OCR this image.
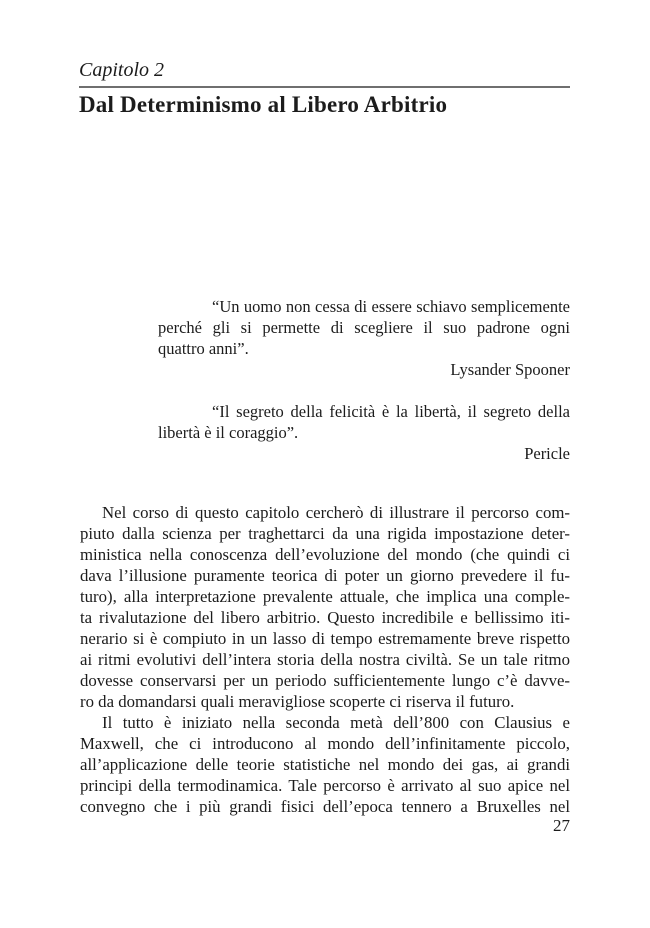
Capitolo 2
Dal Determinismo al Libero Arbitrio
“Un uomo non cessa di essere schiavo semplicemente
perché gli si permette di scegliere il suo padrone ogni
quattro anni”.
Lysander Spooner
“Il segreto della felicità è la libertà, il segreto della
libertà è il coraggio”.
Pericle
Nel corso di questo capitolo cercherò di illustrare il percorso com-
piuto dalla scienza per traghettarci da una rigida impostazione deter-
ministica nella conoscenza dell’evoluzione del mondo (che quindi ci
dava l’illusione puramente teorica di poter un giorno prevedere il fu-
turo), alla interpretazione prevalente attuale, che implica una comple-
ta rivalutazione del libero arbitrio. Questo incredibile e bellissimo iti-
nerario si è compiuto in un lasso di tempo estremamente breve rispetto
ai ritmi evolutivi dell’intera storia della nostra civiltà. Se un tale ritmo
dovesse conservarsi per un periodo sufficientemente lungo c’è davve-
ro da domandarsi quali meravigliose scoperte ci riserva il futuro.
Il tutto è iniziato nella seconda metà dell’800 con Clausius e
Maxwell, che ci introducono al mondo dell’infinitamente piccolo,
all’applicazione delle teorie statistiche nel mondo dei gas, ai grandi
principi della termodinamica. Tale percorso è arrivato al suo apice nel
convegno che i più grandi fisici dell’epoca tennero a Bruxelles nel
27
